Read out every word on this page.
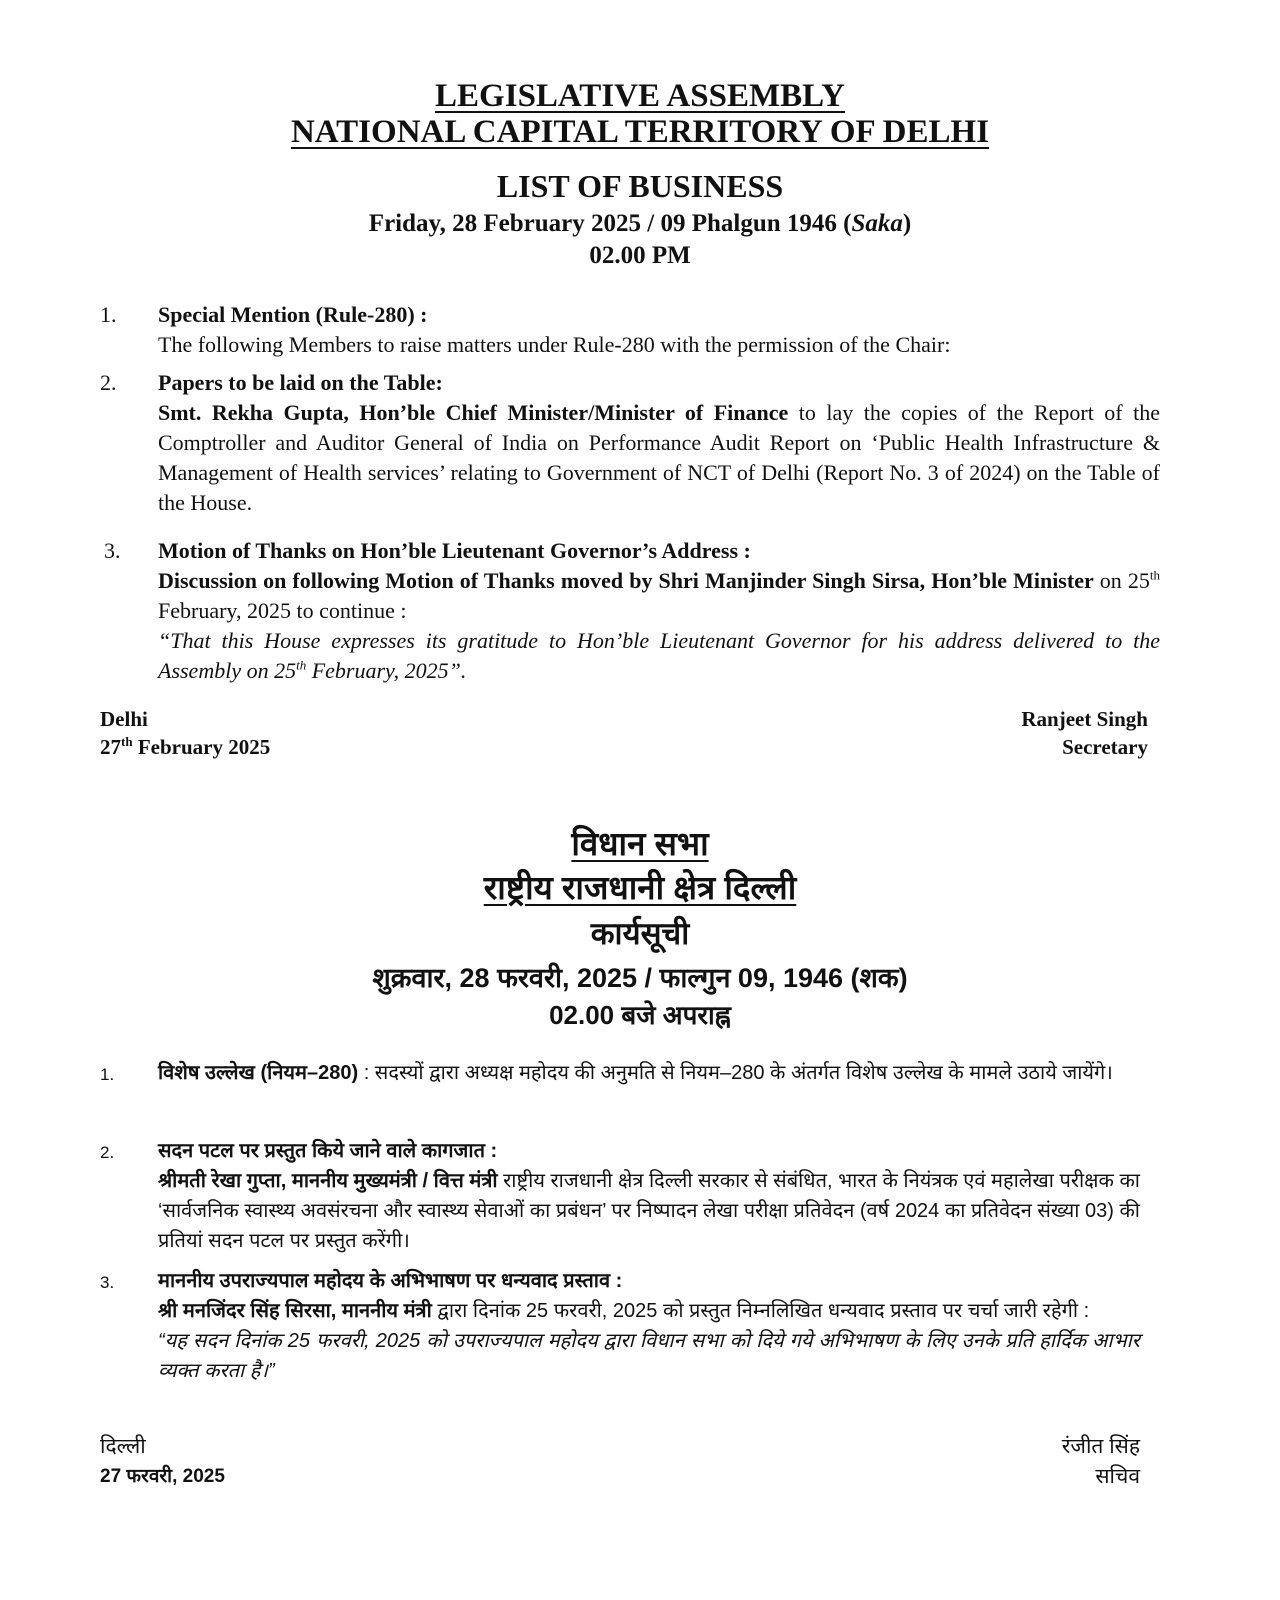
LEGISLATIVE ASSEMBLY
NATIONAL CAPITAL TERRITORY OF DELHI
LIST OF BUSINESS
Friday, 28 February 2025 / 09 Phalgun 1946 (Saka)
02.00 PM
1.	Special Mention (Rule-280) :
The following Members to raise matters under Rule-280 with the permission of the Chair:
2.	Papers to be laid on the Table:
Smt. Rekha Gupta, Hon’ble Chief Minister/Minister of Finance to lay the copies of the Report of the Comptroller and Auditor General of India on Performance Audit Report on ‘Public Health Infrastructure & Management of Health services’ relating to Government of NCT of Delhi (Report No. 3 of 2024) on the Table of the House.
3.	Motion of Thanks on Hon’ble Lieutenant Governor’s Address :
Discussion on following Motion of Thanks moved by Shri Manjinder Singh Sirsa, Hon’ble Minister on 25th February, 2025 to continue :
“That this House expresses its gratitude to Hon’ble Lieutenant Governor for his address delivered to the Assembly on 25th February, 2025”.
Delhi
27th February 2025
Ranjeet Singh
Secretary
विधान सभा
राष्ट्रीय राजधानी क्षेत्र दिल्ली
कार्यसूची
शुक्रवार, 28 फरवरी, 2025 / फाल्गुन 09, 1946 (शक)
02.00 बजे अपराह्न
1.	विशेष उल्लेख (नियम–280) : सदस्यों द्वारा अध्यक्ष महोदय की अनुमति से नियम–280 के अंतर्गत विशेष उल्लेख के मामले उठाये जायेंगे।
2.	सदन पटल पर प्रस्तुत किये जाने वाले कागजात :
श्रीमती रेखा गुप्ता, माननीय मुख्यमंत्री / वित्त मंत्री राष्ट्रीय राजधानी क्षेत्र दिल्ली सरकार से संबंधित, भारत के नियंत्रक एवं महालेखा परीक्षक का ‘सार्वजनिक स्वास्थ्य अवसंरचना और स्वास्थ्य सेवाओं का प्रबंधन’ पर निष्पादन लेखा परीक्षा प्रतिवेदन (वर्ष 2024 का प्रतिवेदन संख्या 03) की प्रतियां सदन पटल पर प्रस्तुत करेंगी।
3.	माननीय उपराज्यपाल महोदय के अभिभाषण पर धन्यवाद प्रस्ताव :
श्री मनजिंदर सिंह सिरसा, माननीय मंत्री द्वारा दिनांक 25 फरवरी, 2025 को प्रस्तुत निम्नलिखित धन्यवाद प्रस्ताव पर चर्चा जारी रहेगी :
“यह सदन दिनांक 25 फरवरी, 2025 को उपराज्यपाल महोदय द्वारा विधान सभा को दिये गये अभिभाषण के लिए उनके प्रति हार्दिक आभार व्यक्त करता है।”
दिल्ली
27 फरवरी, 2025
रंजीत सिंह
सचिव
